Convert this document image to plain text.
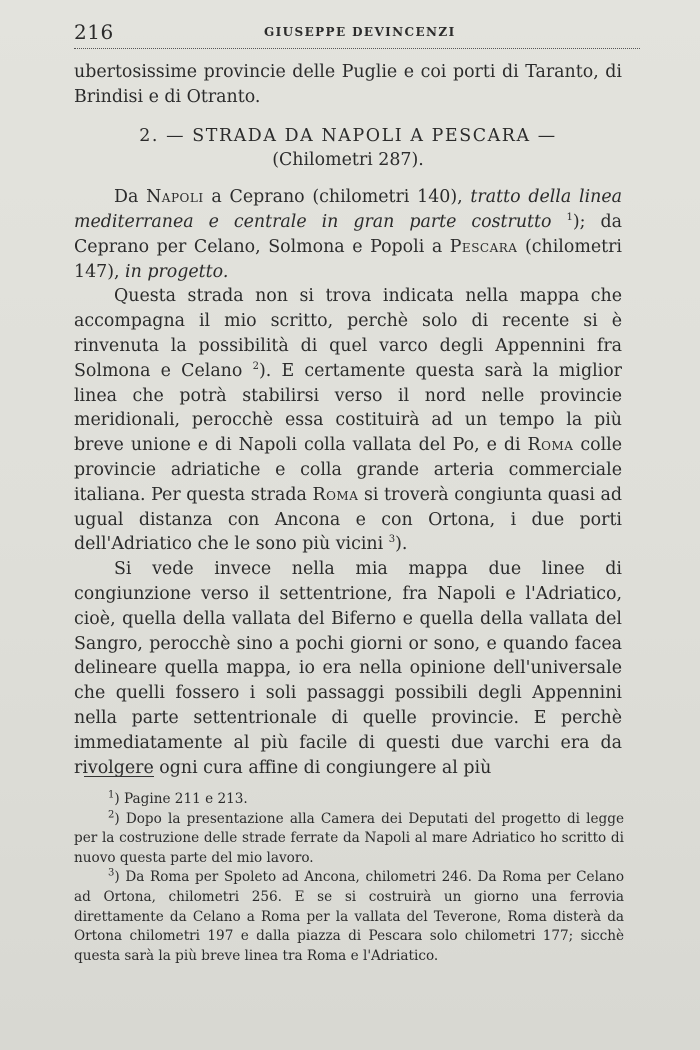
216	GIUSEPPE DEVINCENZI

ubertosissime provincie delle Puglie e coi porti di Taranto, di Brindisi e di Otranto.

2. — STRADA DA NAPOLI A PESCARA —

(Chilometri 287).

Da Napoli a Ceprano (chilometri 140), tratto della linea mediterranea e centrale in gran parte costrutto $^1$); da Ceprano per Celano, Solmona e Popoli a Pescara (chilometri 147), in progetto.

Questa strada non si trova indicata nella mappa che accompagna il mio scritto, perchè solo di recente si è rinvenuta la possibilità di quel varco degli Appennini fra Solmona e Celano $^2$). E certamente questa sarà la miglior linea che potrà stabilirsi verso il nord nelle provincie meridionali, perocchè essa costituirà ad un tempo la più breve unione e di Napoli colla vallata del Po, e di Roma colle provincie adriatiche e colla grande arteria commerciale italiana. Per questa strada Roma si troverà congiunta quasi ad ugual distanza con Ancona e con Ortona, i due porti dell'Adriatico che le sono più vicini $^3$).

Si vede invece nella mia mappa due linee di congiunzione verso il settentrione, fra Napoli e l'Adriatico, cioè, quella della vallata del Biferno e quella della vallata del Sangro, perocchè sino a pochi giorni or sono, e quando facea delineare quella mappa, io era nella opinione dell'universale che quelli fossero i soli passaggi possibili degli Appennini nella parte settentrionale di quelle provincie. E perchè immediatamente al più facile di questi due varchi era da rivolgere ogni cura affine di congiungere al più

$^1$) Pagine 211 e 213.

$^2$) Dopo la presentazione alla Camera dei Deputati del progetto di legge per la costruzione delle strade ferrate da Napoli al mare Adriatico ho scritto di nuovo questa parte del mio lavoro.

$^3$) Da Roma per Spoleto ad Ancona, chilometri 246. Da Roma per Celano ad Ortona, chilometri 256. E se si costruirà un giorno una ferrovia direttamente da Celano a Roma per la vallata del Teverone, Roma disterà da Ortona chilometri 197 e dalla piazza di Pescara solo chilometri 177; sicchè questa sarà la più breve linea tra Roma e l'Adriatico.
